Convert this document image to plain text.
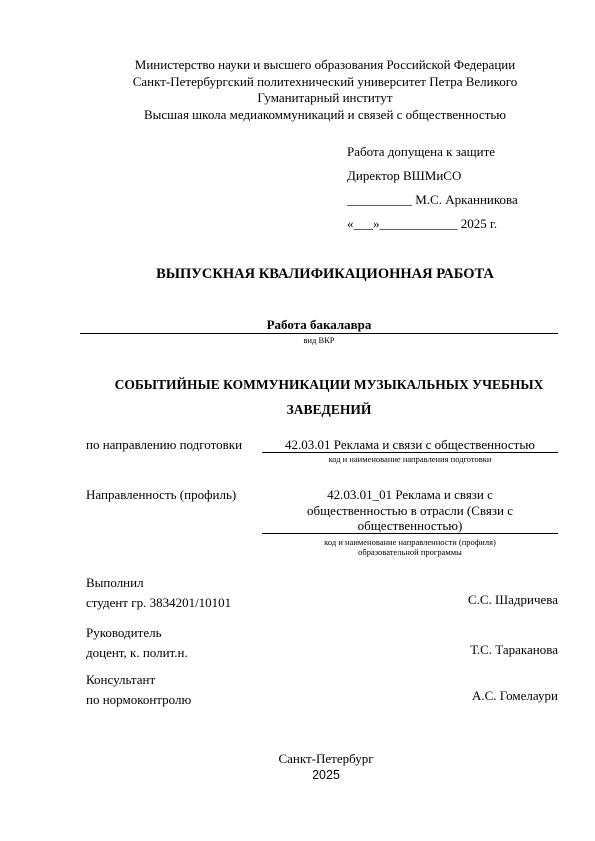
Министерство науки и высшего образования Российской Федерации
Санкт-Петербургский политехнический университет Петра Великого
Гуманитарный институт
Высшая школа медиакоммуникаций и связей с общественностью
Работа допущена к защите
Директор ВШМиСО
__________ М.С. Арканникова
«___»____________ 2025 г.
ВЫПУСКНАЯ КВАЛИФИКАЦИОННАЯ РАБОТА
Работа бакалавра
вид ВКР
СОБЫТИЙНЫЕ КОММУНИКАЦИИ МУЗЫКАЛЬНЫХ УЧЕБНЫХ
ЗАВЕДЕНИЙ
по направлению подготовки	42.03.01 Реклама и связи с общественностью
код и наименование направления подготовки
Направленность (профиль)	42.03.01_01 Реклама и связи с
общественностью в отрасли (Связи с
общественностью)
код и наименование направленности (профиля)
образовательной программы
Выполнил
студент гр. 3834201/10101	С.С. Шадричева
Руководитель
доцент, к. полит.н.	Т.С. Тараканова
Консультант
по нормоконтролю	А.С. Гомелаури
Санкт-Петербург
2025
